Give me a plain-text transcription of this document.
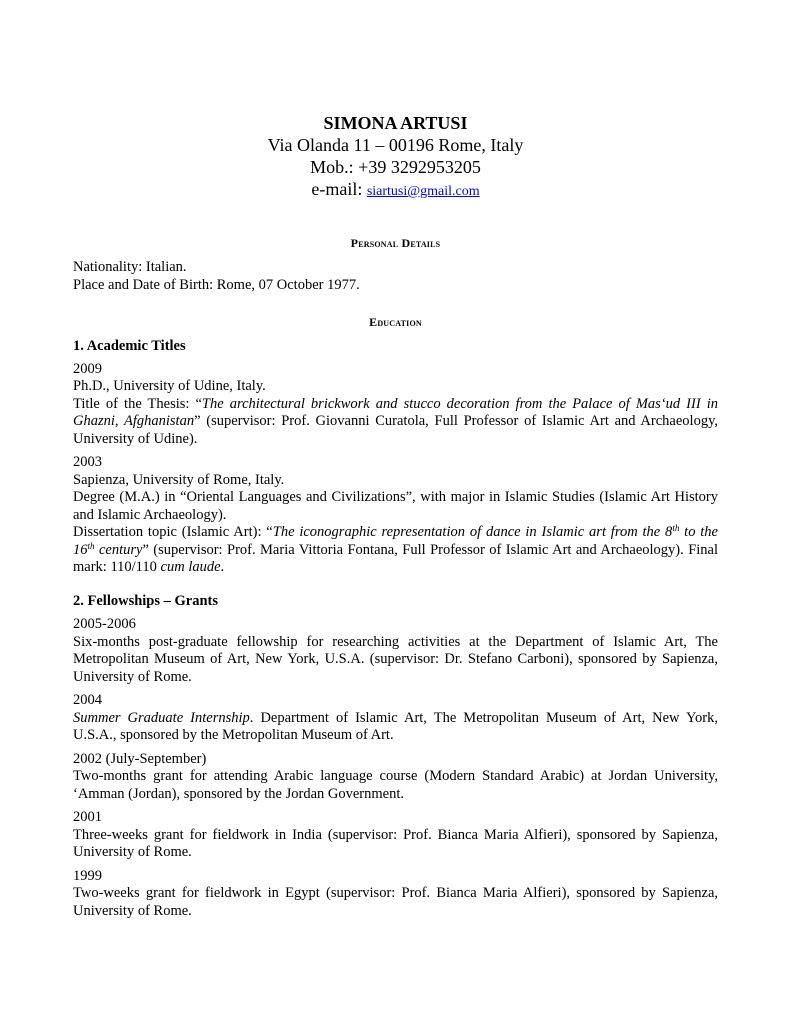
SIMONA ARTUSI
Via Olanda 11 – 00196 Rome, Italy
Mob.: +39 3292953205
e-mail: siartusi@gmail.com
Personal Details

Nationality: Italian.

Place and Date of Birth: Rome, 07 October 1977.

Education

1. Academic Titles

2009

Ph.D., University of Udine, Italy.

Title of the Thesis: “The architectural brickwork and stucco decoration from the Palace of Mas‘ud III in Ghazni, Afghanistan” (supervisor: Prof. Giovanni Curatola, Full Professor of Islamic Art and Archaeology, University of Udine).

2003

Sapienza, University of Rome, Italy.

Degree (M.A.) in “Oriental Languages and Civilizations”, with major in Islamic Studies (Islamic Art History and Islamic Archaeology).

Dissertation topic (Islamic Art): “The iconographic representation of dance in Islamic art from the 8th to the 16th century” (supervisor: Prof. Maria Vittoria Fontana, Full Professor of Islamic Art and Archaeology). Final mark: 110/110 cum laude.

2. Fellowships – Grants

2005-2006

Six-months post-graduate fellowship for researching activities at the Department of Islamic Art, The Metropolitan Museum of Art, New York, U.S.A. (supervisor: Dr. Stefano Carboni), sponsored by Sapienza, University of Rome.

2004

Summer Graduate Internship. Department of Islamic Art, The Metropolitan Museum of Art, New York, U.S.A., sponsored by the Metropolitan Museum of Art.

2002 (July-September)

Two-months grant for attending Arabic language course (Modern Standard Arabic) at Jordan University, ‘Amman (Jordan), sponsored by the Jordan Government.

2001

Three-weeks grant for fieldwork in India (supervisor: Prof. Bianca Maria Alfieri), sponsored by Sapienza, University of Rome.

1999

Two-weeks grant for fieldwork in Egypt (supervisor: Prof. Bianca Maria Alfieri), sponsored by Sapienza, University of Rome.
